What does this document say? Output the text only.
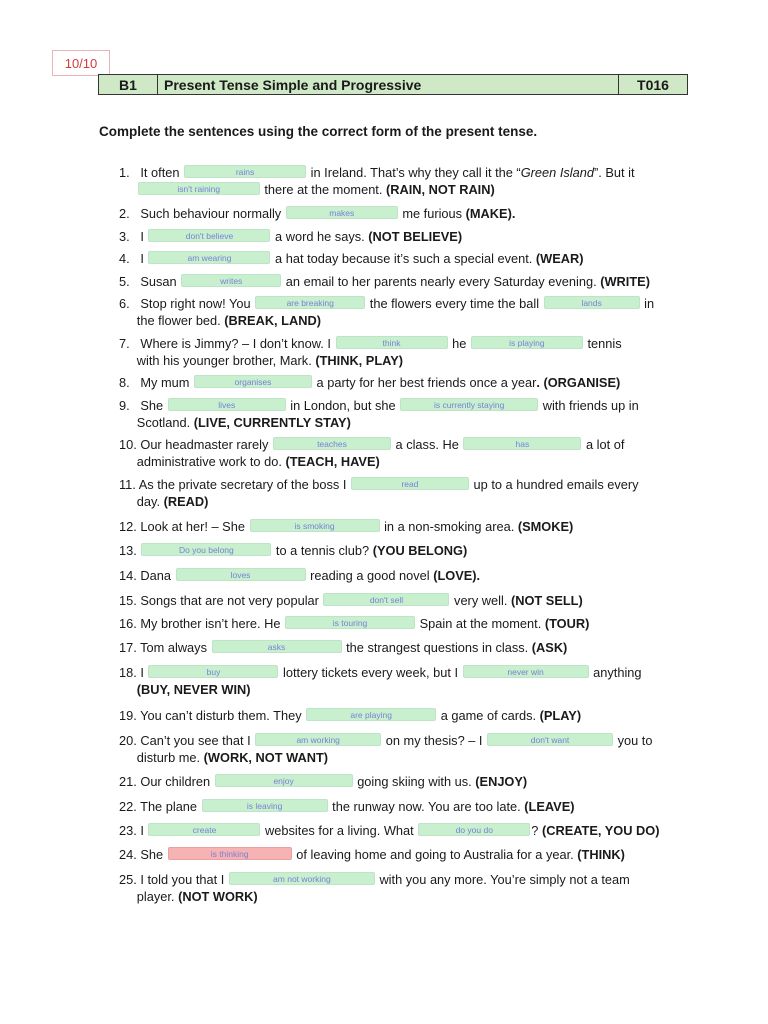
10/10
B1	Present Tense Simple and Progressive	T016
Complete the sentences using the correct form of the present tense.
1. It often	rains	in Ireland. That’s why they call it the “Green Island”. But it
isn't raining	there at the moment. (RAIN, NOT RAIN)
2. Such behaviour normally	makes	me furious (MAKE).
3. I	don't believe	a word he says. (NOT BELIEVE)
4. I	am wearing	a hat today because it’s such a special event. (WEAR)
5. Susan	writes	an email to her parents nearly every Saturday evening. (WRITE)
6. Stop right now! You	are breaking	the flowers every time the ball	lands	in
the flower bed. (BREAK, LAND)
7. Where is Jimmy? – I don’t know. I	think	he	is playing	tennis
with his younger brother, Mark. (THINK, PLAY)
8. My mum	organises	a party for her best friends once a year. (ORGANISE)
9. She	lives	in London, but she	is currently staying	with friends up in
Scotland. (LIVE, CURRENTLY STAY)
10. Our headmaster rarely	teaches	a class. He	has	a lot of
administrative work to do. (TEACH, HAVE)
11. As the private secretary of the boss I	read	up to a hundred emails every
day. (READ)
12. Look at her! – She	is smoking	in a non-smoking area. (SMOKE)
13.	Do you belong	to a tennis club? (YOU BELONG)
14. Dana	loves	reading a good novel (LOVE).
15. Songs that are not very popular	don't sell	very well. (NOT SELL)
16. My brother isn’t here. He	is touring	Spain at the moment. (TOUR)
17. Tom always	asks	the strangest questions in class. (ASK)
18. I	buy	lottery tickets every week, but I	never win	anything
(BUY, NEVER WIN)
19. You can’t disturb them. They	are playing	a game of cards. (PLAY)
20. Can’t you see that I	am working	on my thesis? – I	don't want	you to
disturb me. (WORK, NOT WANT)
21. Our children	enjoy	going skiing with us. (ENJOY)
22. The plane	is leaving	the runway now. You are too late. (LEAVE)
23. I	create	websites for a living. What	do you do	? (CREATE, YOU DO)
24. She	is thinking	of leaving home and going to Australia for a year. (THINK)
25. I told you that I	am not working	with you any more. You’re simply not a team
player. (NOT WORK)
